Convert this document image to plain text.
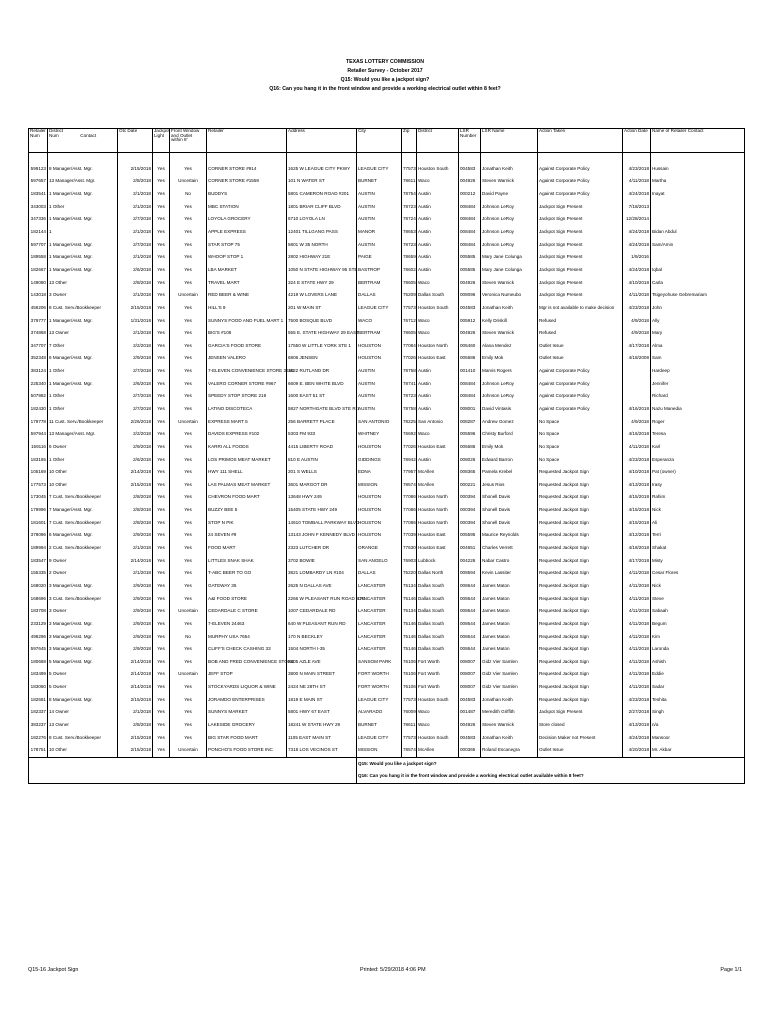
TEXAS LOTTERY COMMISSION
Retailer Survey - October 2017
Q15: Would you like a jackpot sign?
Q16: Can you hang it in the front window and provide a working electrical outlet within 8 feet?
Retailer Num	District Num Contact	Otc Date	Jackpot Light	Front Window and Outlet within 8'	Retailer	Address	City	Zip	District	LSR Number	LSR Name	Action Taken	Action Date	Name of Retailer Contact

599123	8 Manager/Asst. Mgr.	2/15/2018	Yes	Yes	CORNER STORE #914	1625 W LEAGUE CITY PKWY	LEAGUE CITY	77573	Houston South	004583	Jonathan Keith	Against Corporate Policy	4/23/2018	Hussain
597657	13 Manager/Asst. Mgr.	2/8/2018	Yes	Uncertain	CORNER STORE #1559	101 N WATER ST	BURNET	78611	Waco	004926	Steven Warnick	Against Corporate Policy	4/11/2018	Martha
183541	1 Manager/Asst. Mgr.	2/1/2018	Yes	No	BUDDYS	5801 CAMERON ROAD #201	AUSTIN	78754	Austin	000212	David Payne	Against Corporate Policy	4/24/2018	Inayat
343003	1 Other	2/1/2018	Yes	Yes	MBC STATION	1801 BRIAR CLIFF BLVD	AUSTIN	78723	Austin	008484	Johnson LeRoy	Jackpot Sign Present	7/18/2013	
347336	1 Manager/Asst. Mgr.	2/7/2018	Yes	Yes	LOYOLA GROCERY	6710 LOYOLA LN	AUSTIN	78724	Austin	008484	Johnson LeRoy	Jackpot Sign Present	12/28/2014	
182144	1	2/1/2018	Yes	Yes	APPLE EXPRESS	12401 TILLGANG PASS	MANOR	78653	Austin	008484	Johnson LeRoy	Jackpot Sign Present	4/24/2018	Bidan Abdul
597707	1 Manager/Asst. Mgr.	2/7/2018	Yes	Yes	STAR STOP 75	5801 W 35 NORTH	AUSTIN	78723	Austin	008484	Johnson LeRoy	Jackpot Sign Present	4/24/2018	Sam/Amin
189558	1 Manager/Asst. Mgr.	2/1/2018	Yes	Yes	WHOOP STOP 1	2802 HIGHWAY 21E	PAIGE	78659	Austin	005585	Mary Jane Colunga	Jackpot Sign Present	1/9/2016	
182667	1 Manager/Asst. Mgr.	2/6/2018	Yes	Yes	LBA MARKET	1050 N STATE HIGHWAY 95 STE	BASTROP	78602	Austin	005585	Mary Jane Colunga	Jackpot Sign Present	4/24/2018	Iqbal
149080	13 Other	2/8/2018	Yes	Yes	TRAVEL MART	324 E STATE HWY 29	BERTRAM	78605	Waco	004926	Steven Warnick	Jackpot Sign Present	4/10/2018	Carla
143018	3 Owner	2/1/2018	Yes	Uncertain	RED BEER & WINE	4219 W LOVERS LANE	DALLAS	75209	Dallas South	008096	Veronica Numeubo	Jackpot Sign Present	4/11/2018	Tsigeyohuse Gebremariam
456206	8 Cust. Serv./Bookkeeper	2/15/2018	Yes	Yes	HILL'S 9	201 W MAIN ST	LEAGUE CITY	77573	Houston South	004583	Jonathan Keith	Mgr is not available to make decision	4/23/2018	John
379777	1 Manager/Asst. Mgr.	1/31/2018	Yes	Yes	SUNNYS FOOD AND FUEL MART 1	7500 BOSQUE BLVD	WACO	76712	Waco	005912	Kelly Driskill	Refused	4/9/2018	Ally
374868	13 Owner	2/1/2018	Yes	Yes	BIG'S #106	555 E. STATE HIGHWAY 29 EAST	BERTRAM	78605	Waco	004926	Steven Warnick	Refused	4/9/2018	Mary
347707	7 Other	2/2/2018	Yes	Yes	GARCIA'S FOOD STORE	17550 W LITTLE YORK STE 1	HOUSTON	77084	Houston North	005460	Alana Mendez	Outlet Issue	4/17/2018	Alma
352348	6 Manager/Asst. Mgr.	2/9/2018	Yes	Yes	JENSEN VALERO	6806 JENSEN	HOUSTON	77026	Houston East	005686	Emily Mok	Outlet Issue	4/18/2008	Sam
383124	1 Other	2/7/2018	Yes	Yes	7-ELEVEN CONVENIENCE STORE 3650	1622 RUTLAND DR	AUSTIN	78758	Austin	001410	Marvis Rogers	Against Corporate Policy		Hardeep
225340	1 Manager/Asst. Mgr.	2/6/2018	Yes	Yes	VALERO CORNER STORE #967	6609 E. BEN WHITE BLVD	AUSTIN	78741	Austin	008484	Johnson LeRoy	Against Corporate Policy		Jennifer
507982	1 Other	2/7/2018	Yes	Yes	SPEEDY STOP STORE 219	1600 EAST 51 ST	AUSTIN	78723	Austin	008484	Johnson LeRoy	Against Corporate Policy		Richard
182430	1 Other	2/7/2018	Yes	Yes	LATINO DISCOTECA	5827 NORTHGATE BLVD STE R-1	AUSTIN	78758	Austin	008001	David Vintasis	Against Corporate Policy	4/16/2018	Nazu Manedia
179778	11 Cust. Serv./Bookkeeper	2/26/2018	Yes	Uncertain	EXPRESS MART 5	256 BARRETT PLACE	SAN ANTONIO	78225	San Antonio	008287	Andrew Gomez	No Space	4/9/2018	Roger
597944	13 Manager/Asst. Mgr.	2/2/2018	Yes	Yes	DAVIDS EXPRESS #102	5303 FM 933	WHITNEY	76692	Waco	005596	Christy Burford	No Space	4/16/2018	Teresa
159116	6 Owner	2/9/2018	Yes	Yes	KARRI ALL FOODS	4415 LIBERTY ROAD	HOUSTON	77026	Houston East	005686	Emily Mok	No Space	4/11/2018	Karl
183165	1 Other	2/6/2018	Yes	Yes	LOS PRIMOS MEAT MARKET	810 E AUSTIN	GIDDINGS	78942	Austin	008026	Edward Barron	No Space	4/23/2018	Esperanza
105169	10 Other	2/14/2018	Yes	Yes	HWY 111 SHELL	201 S WELLS	EDNA	77957	McAllen	008365	Pamela Krebel	Requested Jackpot Sign	4/10/2018	Pat (owner)
177573	10 Other	2/15/2018	Yes	Yes	LAS PALMAS MEAT MARKET	3601 MARGOT DR	MISSION	78574	McAllen	000221	Jesus Rios	Requested Jackpot Sign	4/13/2018	Irasy
173045	7 Cust. Serv./Bookkeeper	2/8/2018	Yes	Yes	CHEVRON FOOD MART	13648 HWY 249	HOUSTON	77086	Houston North	000394	Shonell Davis	Requested Jackpot Sign	4/15/2018	Rahim
179996	7 Manager/Asst. Mgr.	2/8/2018	Yes	Yes	BUZZY BEE 5	15405 STATE HWY 249	HOUSTON	77086	Houston North	000394	Shonell Davis	Requested Jackpot Sign	4/15/2018	Nick
181601	7 Cust. Serv./Bookkeeper	2/8/2018	Yes	Yes	STOP N PIK	14610 TOMBALL PARKWAY BLVD	HOUSTON	77086	Houston North	000394	Shonell Davis	Requested Jackpot Sign	4/15/2018	Ali
378096	6 Manager/Asst. Mgr.	2/9/2018	Yes	Yes	24 SEVEN #9	13143 JOHN F KENNEDY BLVD	HOUSTON	77039	Houston East	005595	Maurice Reynolds	Requested Jackpot Sign	4/12/2018	Terri
189994	2 Cust. Serv./Bookkeeper	2/1/2018	Yes	Yes	FOOD MART	2323 LUTCHER DR	ORANGE	77630	Houston East	004651	Charles Verrett	Requested Jackpot Sign	4/18/2018	Shakat
183547	9 Owner	2/14/2018	Yes	Yes	LITTLES SNAK SHAK	3702 BOWIE	SAN ANGELO	76903	Lubbock	004226	Nabar Castro	Requested Jackpot Sign	4/17/2018	Misty
155335	2 Owner	2/1/2018	Yes	Yes	T-ABC BEER TO GO	3821 LOMBARDY LN #104	DALLAS	75220	Dallas North	008594	Kevin Lassiter	Requested Jackpot Sign	4/11/2018	Cesar Flores
168020	3 Manager/Asst. Mgr.	2/9/2018	Yes	Yes	GATEWAY 35	2625 N DALLAS AVE	LANCASTER	75134	Dallas South	008644	James Maton	Requested Jackpot Sign	4/11/2018	Nick
168696	3 Cust. Serv./Bookkeeper	2/9/2018	Yes	Yes	A&I FOOD STORE	2266 W PLEASANT RUN ROAD STE	LANCASTER	75146	Dallas South	008644	James Maton	Requested Jackpot Sign	4/11/2018	Steve
183708	3 Owner	2/9/2018	Yes	Uncertain	CEDARDALE C STORE	1007 CEDARDALE RD	LANCASTER	75134	Dallas South	008644	James Maton	Requested Jackpot Sign	4/11/2018	Sabaah
233129	3 Manager/Asst. Mgr.	2/9/2018	Yes	Yes	7-ELEVEN 24463	640 W PLEASANT RUN RD	LANCASTER	75146	Dallas South	008644	James Maton	Requested Jackpot Sign	4/11/2018	Begum
498296	3 Manager/Asst. Mgr.	2/9/2018	Yes	No	MURPHY USA 7654	170 N BECKLEY	LANCASTER	75146	Dallas South	008644	James Maton	Requested Jackpot Sign	4/11/2018	Kim
597645	3 Manager/Asst. Mgr.	2/9/2018	Yes	Yes	CLIFF'S CHECK CASHING 33	1504 NORTH I-35	LANCASTER	75146	Dallas South	008644	James Maton	Requested Jackpot Sign	4/11/2018	Laronda
180668	5 Manager/Asst. Mgr.	2/14/2018	Yes	Yes	BOB AND FRED CONVENIENCE STORE	3405 AZLE AVE	SANSOM PARK	76106	Fort Worth	008007	Gidz Vier Samlen	Requested Jackpot Sign	4/11/2018	Ashish
183499	5 Owner	2/14/2018	Yes	Uncertain	JEFF STOP	3800 N MAIN STREET	FORT WORTH	76106	Fort Worth	008007	Gidz Vier Samlen	Requested Jackpot Sign	4/11/2018	Eddie
183060	5 Owner	2/14/2018	Yes	Yes	STOCKYARDS LIQUOR & WINE	2424 NE 28TH ST	FORT WORTH	76106	Fort Worth	008007	Gidz Vier Samlen	Requested Jackpot Sign	4/11/2018	Sadar
182681	8 Manager/Asst. Mgr.	2/15/2018	Yes	Yes	JORAMDO ENTERPRISES	1819 E MAIN ST	LEAGUE CITY	77573	Houston South	004583	Jonathan Keith	Requested Jackpot Sign	4/23/2018	Teshita
182337	14 Owner	2/1/2018	Yes	Yes	SUNNYS MARKET	5801 HWY 67 EAST	ALVARADO	76009	Waco	001487	Meredith Griffith	Jackpot Sign Present	2/27/2018	Singh
383237	13 Owner	2/8/2018	Yes	Yes	LAKESIDE GROCERY	18241 W STATE HWY 29	BURNET	78611	Waco	004926	Steven Warnick	Store closed	4/13/2018	n/a
182276	8 Cust. Serv./Bookkeeper	2/15/2018	Yes	Yes	BIG STAR FOOD MART	1105 EAST MAIN ST	LEAGUE CITY	77573	Houston South	004583	Jonathan Keith	Decision Maker not Present	4/24/2018	Mansoor
178751	10 Other	2/15/2018	Yes	Uncertain	PONCHO'S FOOD STORE INC	7318 LOS VECINOS ST	MISSION	78574	McAllen	000365	Roland Escanegra	Outlet Issue	4/20/2018	Mr. Akbar
							Q15: Would you like a jackpot sign?							
							Q16: Can you hang it in the front window and provide a working electrical outlet available within 8 feet?							
Q15-16 Jackpot Sign	Printed: 5/29/2018 4:06 PM	Page 1/1
